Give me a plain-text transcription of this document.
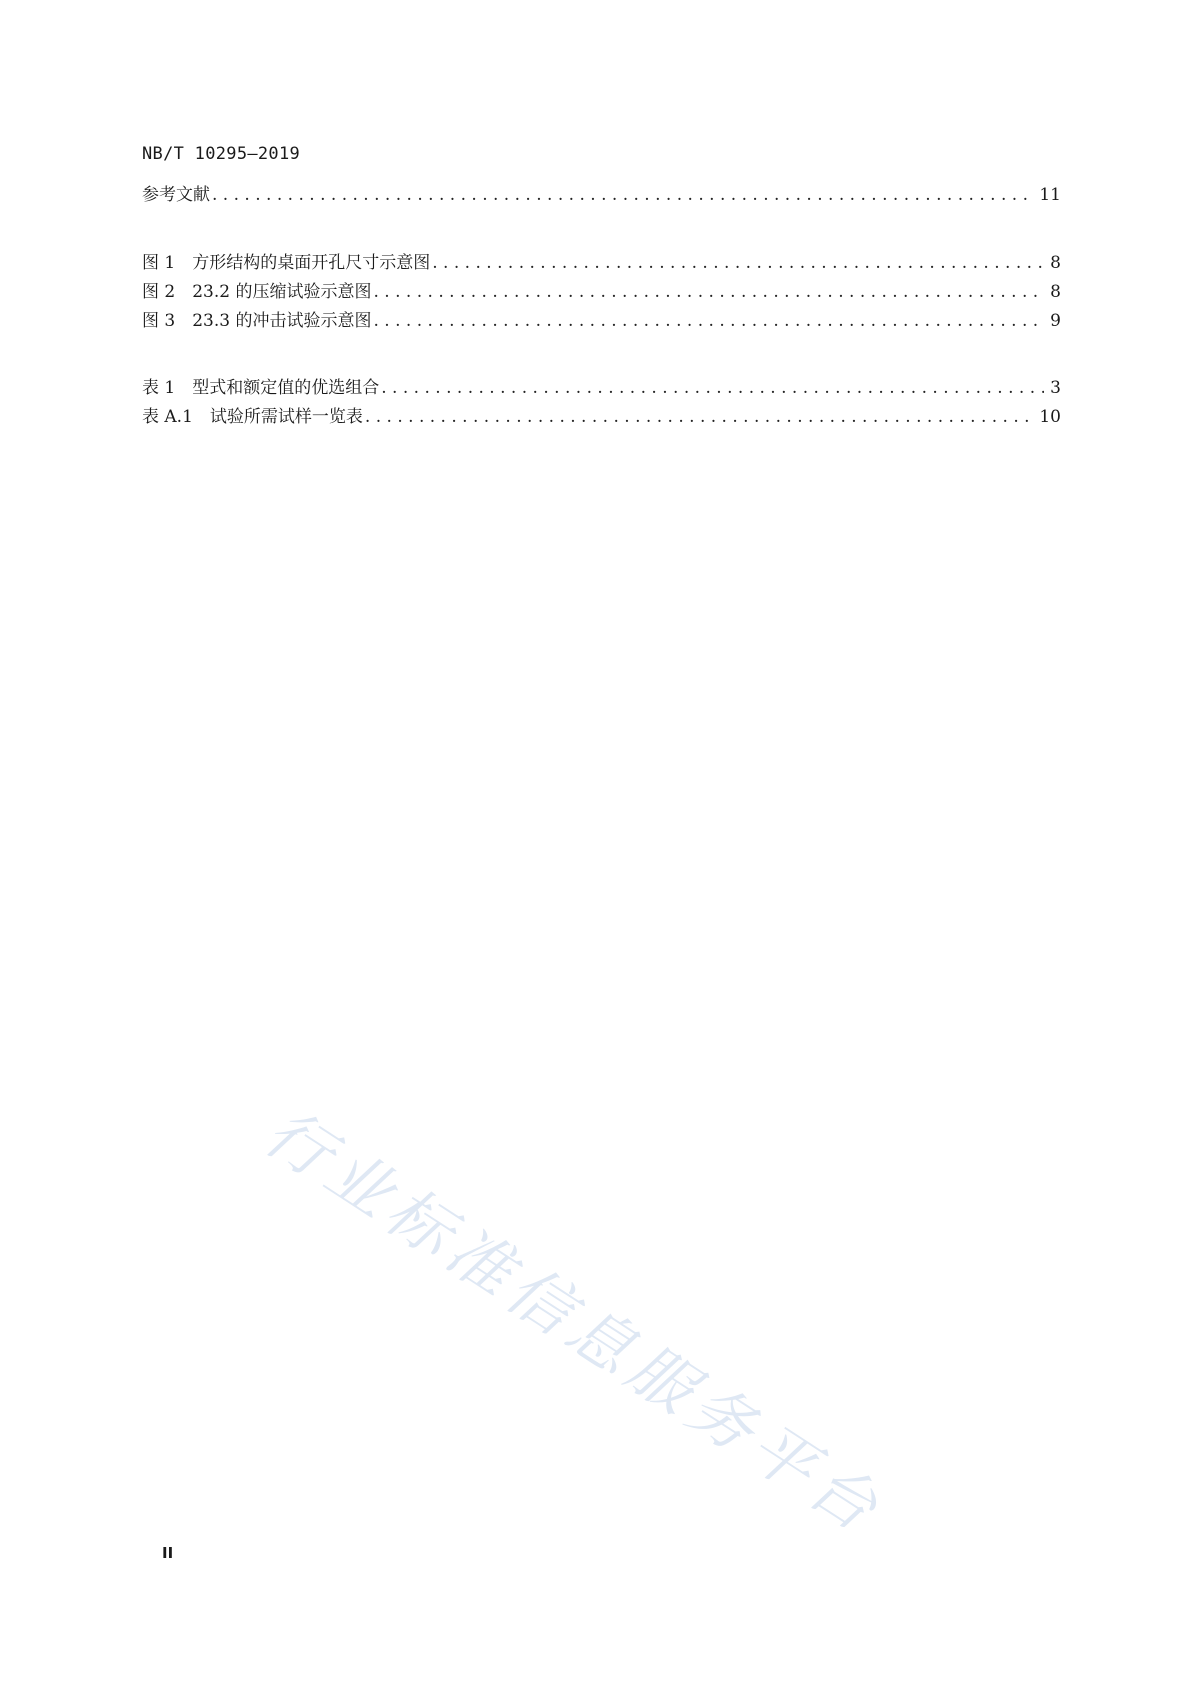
NB/T 10295—2019
参考文献 . . .	11
图 1　方形结构的桌面开孔尺寸示意图 . . .	8
图 2　23.2 的压缩试验示意图 . . .	8
图 3　23.3 的冲击试验示意图 . . .	9
表 1　型式和额定值的优选组合 . . .	3
表 A.1　试验所需试样一览表 . . .	10
行业标准信息服务平台
II
